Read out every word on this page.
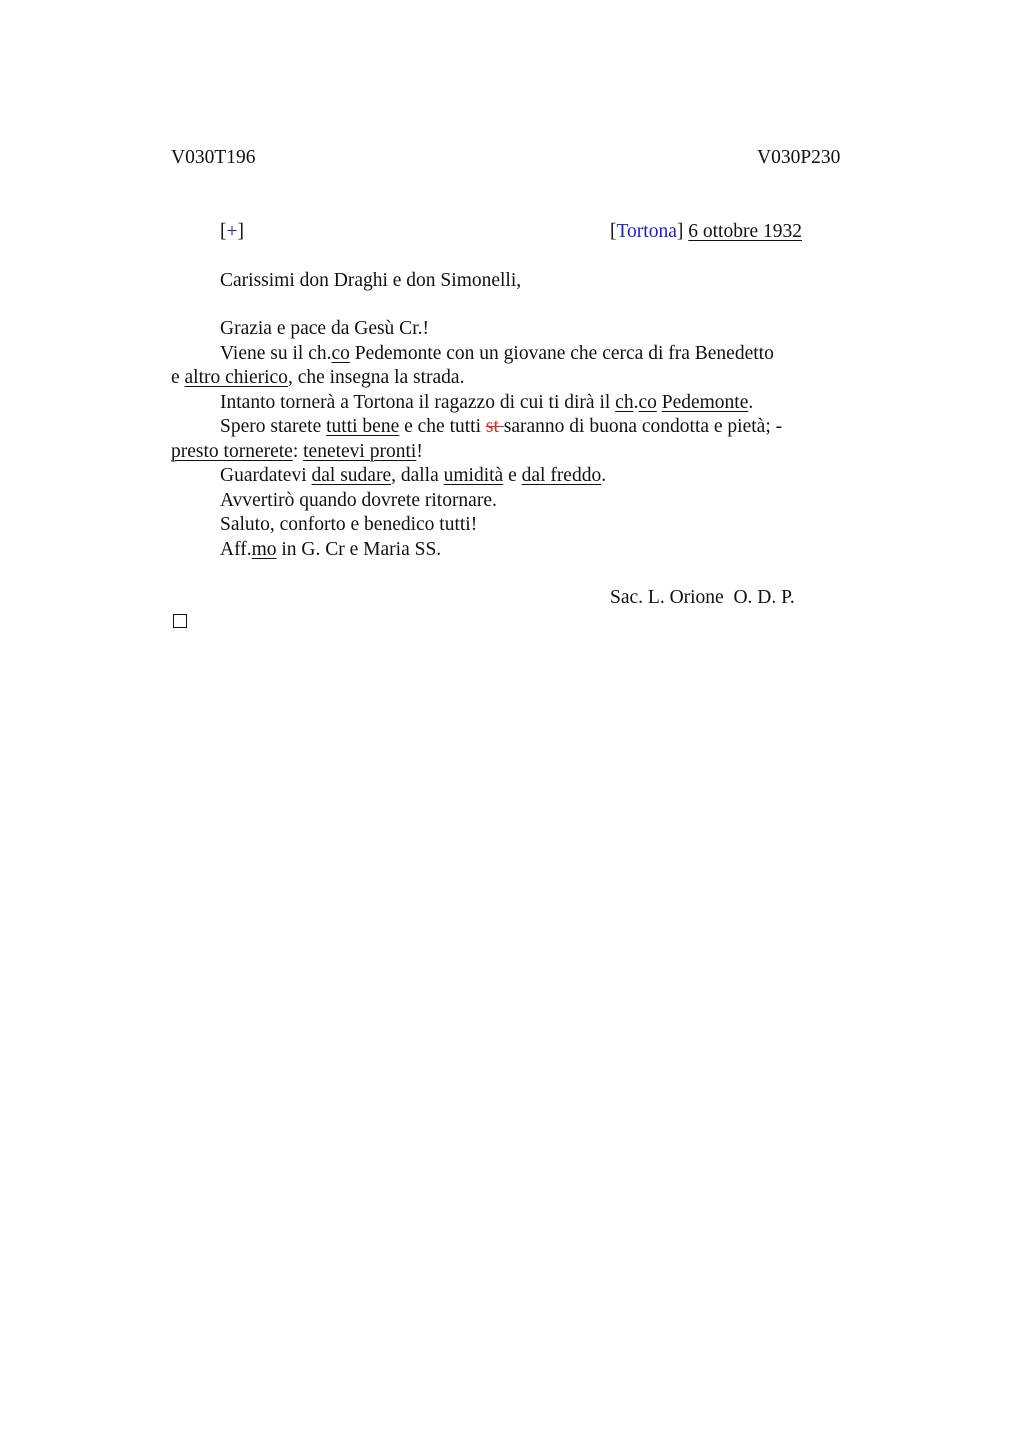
V030T196	V030P230
[+]	[Tortona] 6 ottobre 1932
Carissimi don Draghi e don Simonelli,
Grazia e pace da Gesù Cr.!
Viene su il ch.co Pedemonte con un giovane che cerca di fra Benedetto
e altro chierico, che insegna la strada.
Intanto tornerà a Tortona il ragazzo di cui ti dirà il ch.co Pedemonte.
Spero starete tutti bene e che tutti st saranno di buona condotta e pietà; -
presto tornerete: tenetevi pronti!
Guardatevi dal sudare, dalla umidità e dal freddo.
Avvertirò quando dovrete ritornare.
Saluto, conforto e benedico tutti!
Aff.mo in G. Cr e Maria SS.
Sac. L. Orione  O. D. P.
